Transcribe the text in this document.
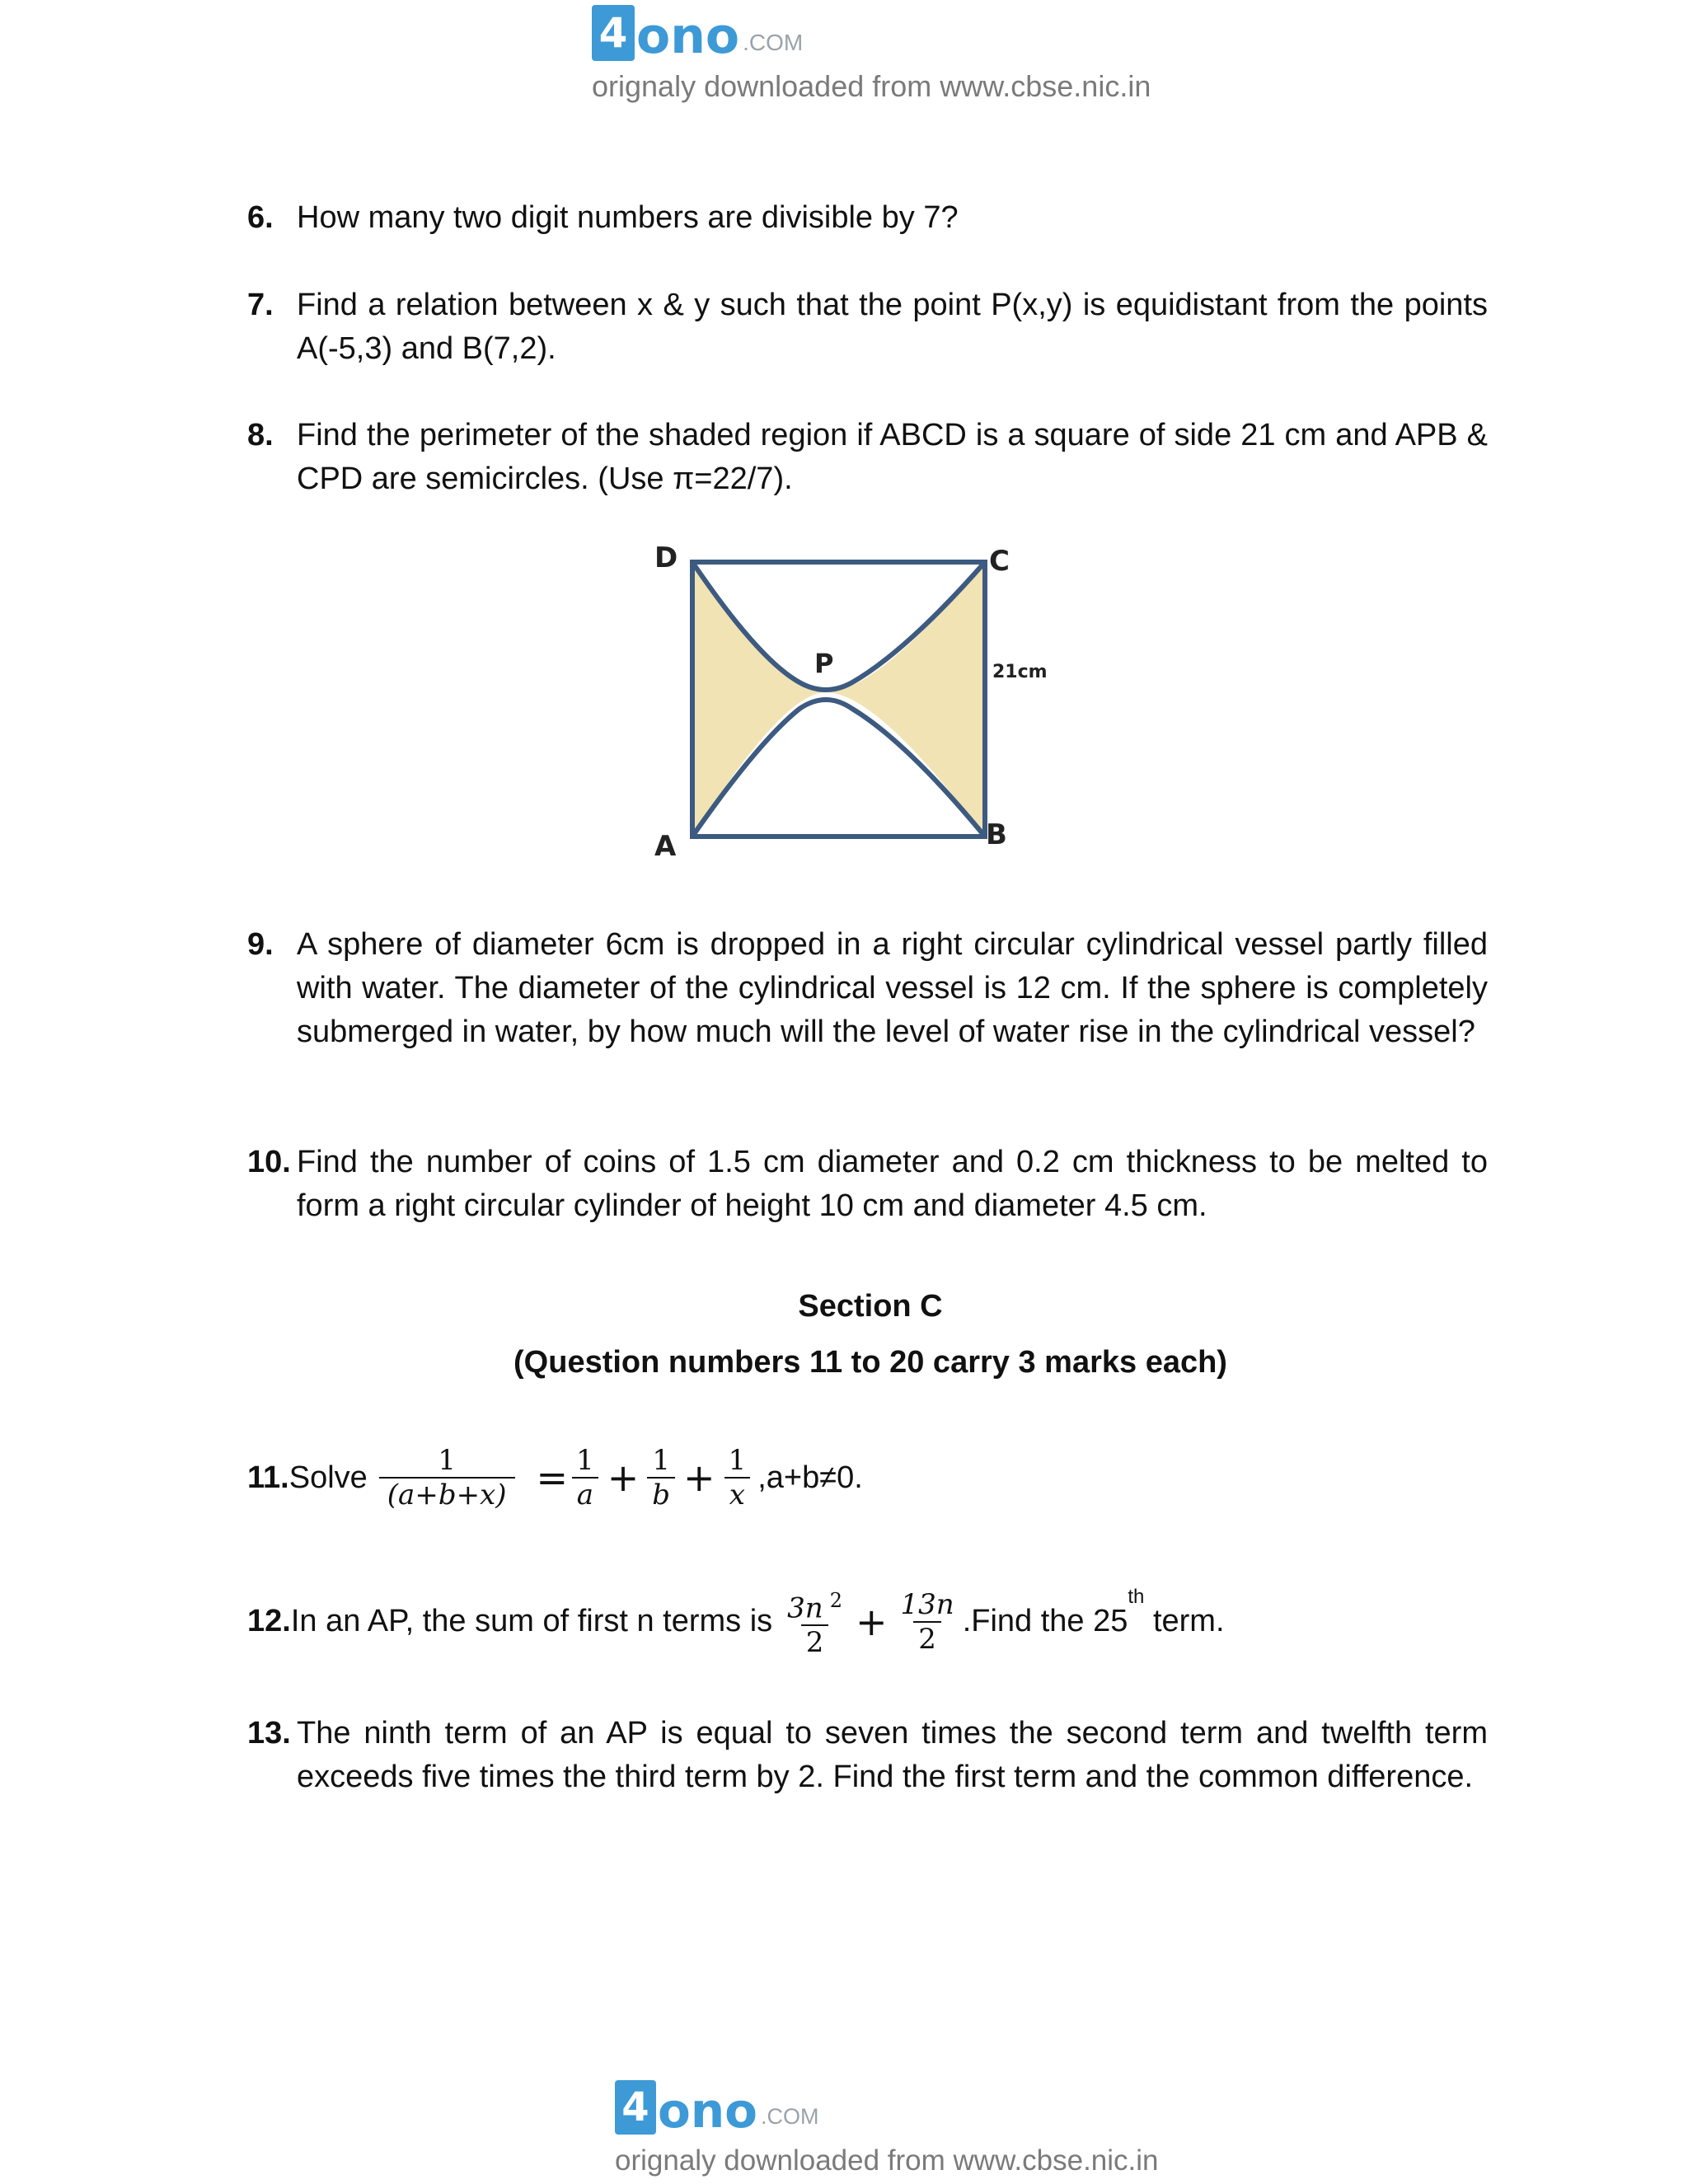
4 ono .COM
orignaly downloaded from www.cbse.nic.in
6. How many two digit numbers are divisible by 7?
7. Find a relation between x & y such that the point P(x,y) is equidistant from the points A(-5,3) and B(7,2).
8. Find the perimeter of the shaded region if ABCD is a square of side 21 cm and APB & CPD are semicircles. (Use π=22/7).
D	C
P	21cm
A	B
9. A sphere of diameter 6cm is dropped in a right circular cylindrical vessel partly filled with water. The diameter of the cylindrical vessel is 12 cm. If the sphere is completely submerged in water, by how much will the level of water rise in the cylindrical vessel?
10. Find the number of coins of 1.5 cm diameter and 0.2 cm thickness to be melted to form a right circular cylinder of height 10 cm and diameter 4.5 cm.
Section C
(Question numbers 11 to 20 carry 3 marks each)
11. Solve $\frac{1}{(a+b+x)} = \frac{1}{a} + \frac{1}{b} + \frac{1}{x} ,a+b\ne 0$.
12. In an AP, the sum of first n terms is $\frac{3n ^2}{2} + \frac{13n}{2}$ .Find the 25
$^{th}$
term.
13. The ninth term of an AP is equal to seven times the second term and twelfth term exceeds five times the third term by 2. Find the first term and the common difference.
4 ono .COM
orignaly downloaded from www.cbse.nic.in
